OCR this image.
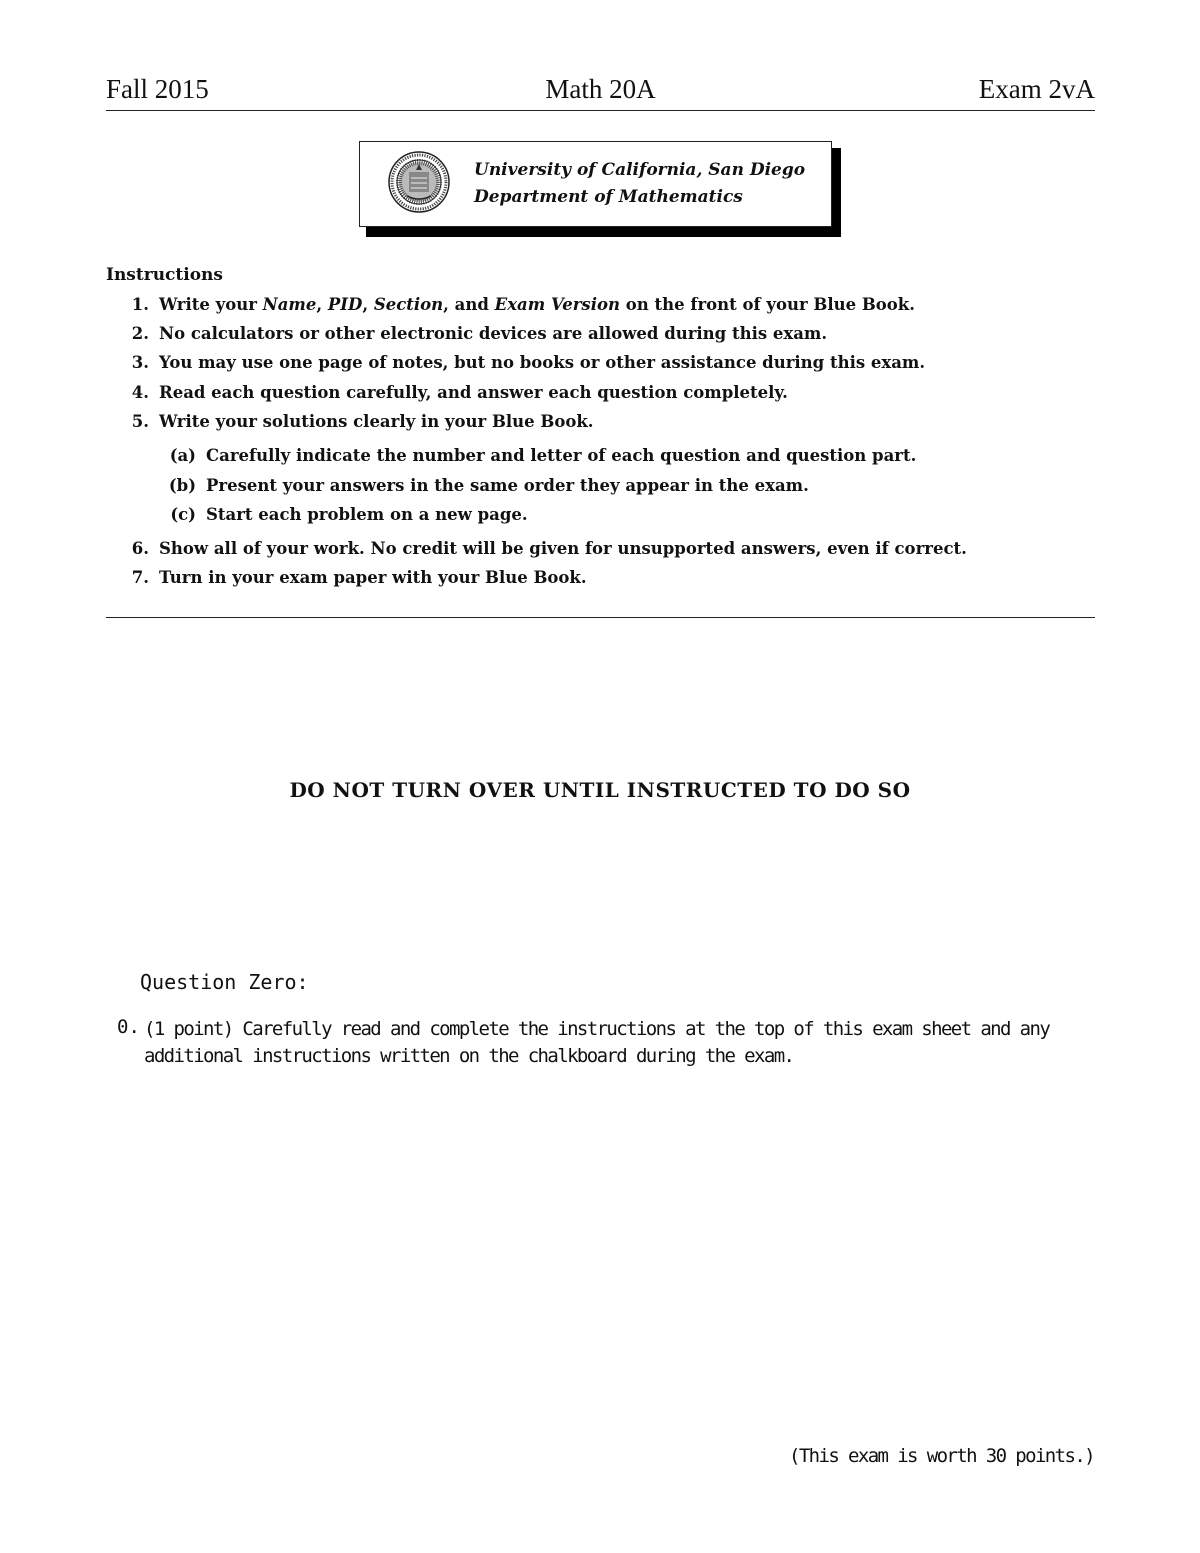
Fall 2015	Math 20A	Exam 2vA
University of California, San Diego
Department of Mathematics
Instructions
1. Write your Name, PID, Section, and Exam Version on the front of your Blue Book.
2. No calculators or other electronic devices are allowed during this exam.
3. You may use one page of notes, but no books or other assistance during this exam.
4. Read each question carefully, and answer each question completely.
5. Write your solutions clearly in your Blue Book.
(a) Carefully indicate the number and letter of each question and question part.
(b) Present your answers in the same order they appear in the exam.
(c) Start each problem on a new page.
6. Show all of your work. No credit will be given for unsupported answers, even if correct.
7. Turn in your exam paper with your Blue Book.
DO NOT TURN OVER UNTIL INSTRUCTED TO DO SO
Question Zero:
0. (1 point) Carefully read and complete the instructions at the top of this exam sheet and any additional instructions written on the chalkboard during the exam.
(This exam is worth 30 points.)
